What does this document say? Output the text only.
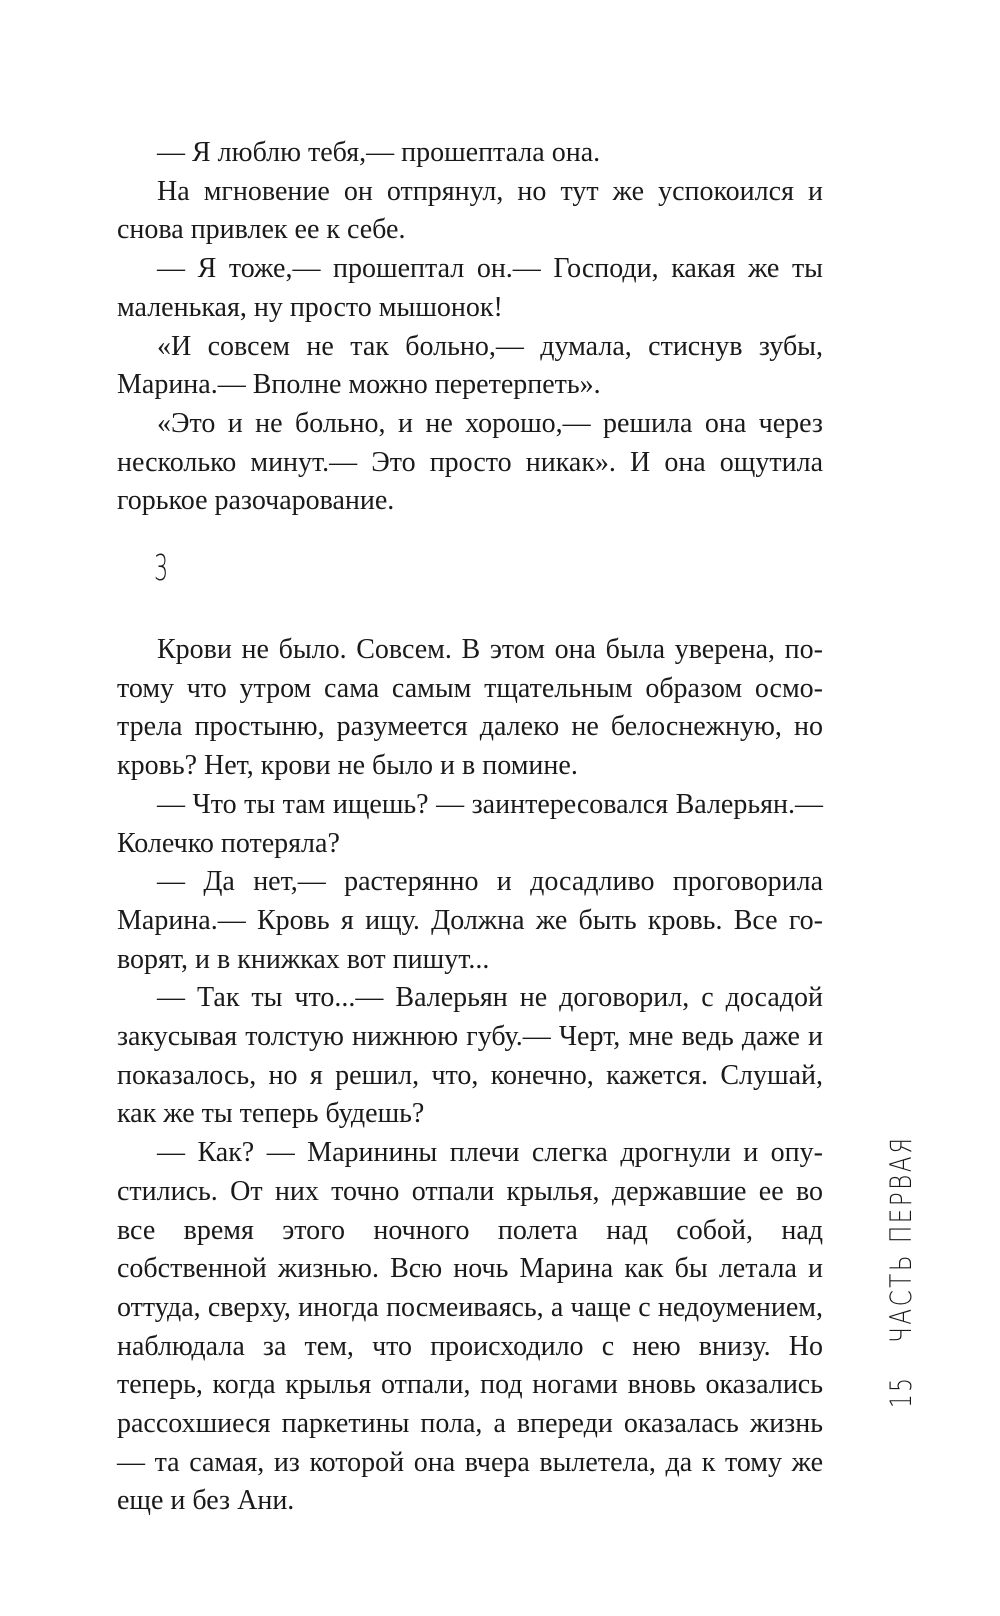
— Я люблю тебя,— прошептала она.

На мгновение он отпрянул, но тут же успокоился и снова привлек ее к себе.

— Я тоже,— прошептал он.— Господи, какая же ты маленькая, ну просто мышонок!

«И совсем не так больно,— думала, стиснув зубы, Марина.— Вполне можно перетерпеть».

«Это и не больно, и не хорошо,— решила она через несколько минут.— Это просто никак». И она ощутила горькое разочарование.

3

Крови не было. Совсем. В этом она была уверена, потому что утром сама самым тщательным образом осмотрела простыню, разумеется далеко не белоснежную, но кровь? Нет, крови не было и в помине.

— Что ты там ищешь? — заинтересовался Валерьян.— Колечко потеряла?

— Да нет,— растерянно и досадливо проговорила Марина.— Кровь я ищу. Должна же быть кровь. Все говорят, и в книжках вот пишут...

— Так ты что...— Валерьян не договорил, с досадой закусывая толстую нижнюю губу.— Черт, мне ведь даже и показалось, но я решил, что, конечно, кажется. Слушай, как же ты теперь будешь?

— Как? — Маринины плечи слегка дрогнули и опустились. От них точно отпали крылья, державшие ее во все время этого ночного полета над собой, над собственной жизнью. Всю ночь Марина как бы летала и оттуда, сверху, иногда посмеиваясь, а чаще с недоумением, наблюдала за тем, что происходило с нею внизу. Но теперь, когда крылья отпали, под ногами вновь оказались рассохшиеся паркетины пола, а впереди оказалась жизнь — та самая, из которой она вчера вылетела, да к тому же еще и без Ани.

15
ЧАСТЬ ПЕРВАЯ
